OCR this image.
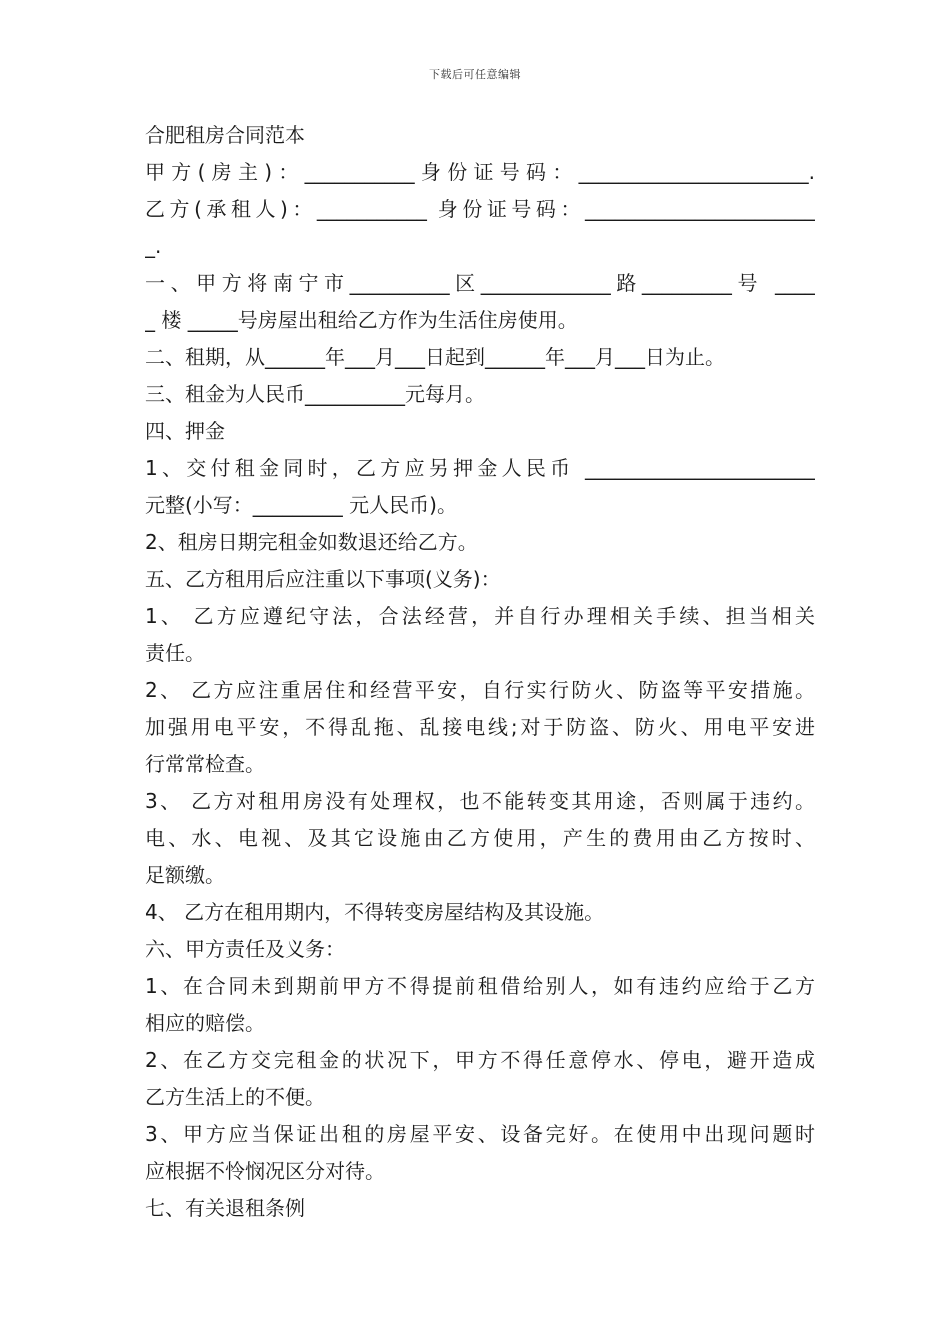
下载后可任意编辑
合肥租房合同范本
甲方(房主)：___________身份证号码：_______________________.
乙方(承租人)：___________ 身份证号码：_______________________
_.
一、甲方将南宁市__________区_____________路_________号 ____
_ 楼 _____号房屋出租给乙方作为生活住房使用。
二、租期，从______年___月___日起到______年___月___日为止。
三、租金为人民币__________元每月。
四、押金
1、交付租金同时，乙方应另押金人民币 _______________________
元整(小写：_________ 元人民币)。
2、租房日期完租金如数退还给乙方。
五、乙方租用后应注重以下事项(义务)：
1、 乙方应遵纪守法，合法经营，并自行办理相关手续、担当相关
责任。
2、 乙方应注重居住和经营平安，自行实行防火、防盗等平安措施。
加强用电平安，不得乱拖、乱接电线;对于防盗、防火、用电平安进
行常常检查。
3、 乙方对租用房没有处理权，也不能转变其用途，否则属于违约。
电、水、电视、及其它设施由乙方使用，产生的费用由乙方按时、
足额缴。
4、 乙方在租用期内，不得转变房屋结构及其设施。
六、甲方责任及义务：
1、在合同未到期前甲方不得提前租借给别人，如有违约应给于乙方
相应的赔偿。
2、在乙方交完租金的状况下，甲方不得任意停水、停电，避开造成
乙方生活上的不便。
3、甲方应当保证出租的房屋平安、设备完好。在使用中出现问题时
应根据不怜悯况区分对待。
七、有关退租条例
